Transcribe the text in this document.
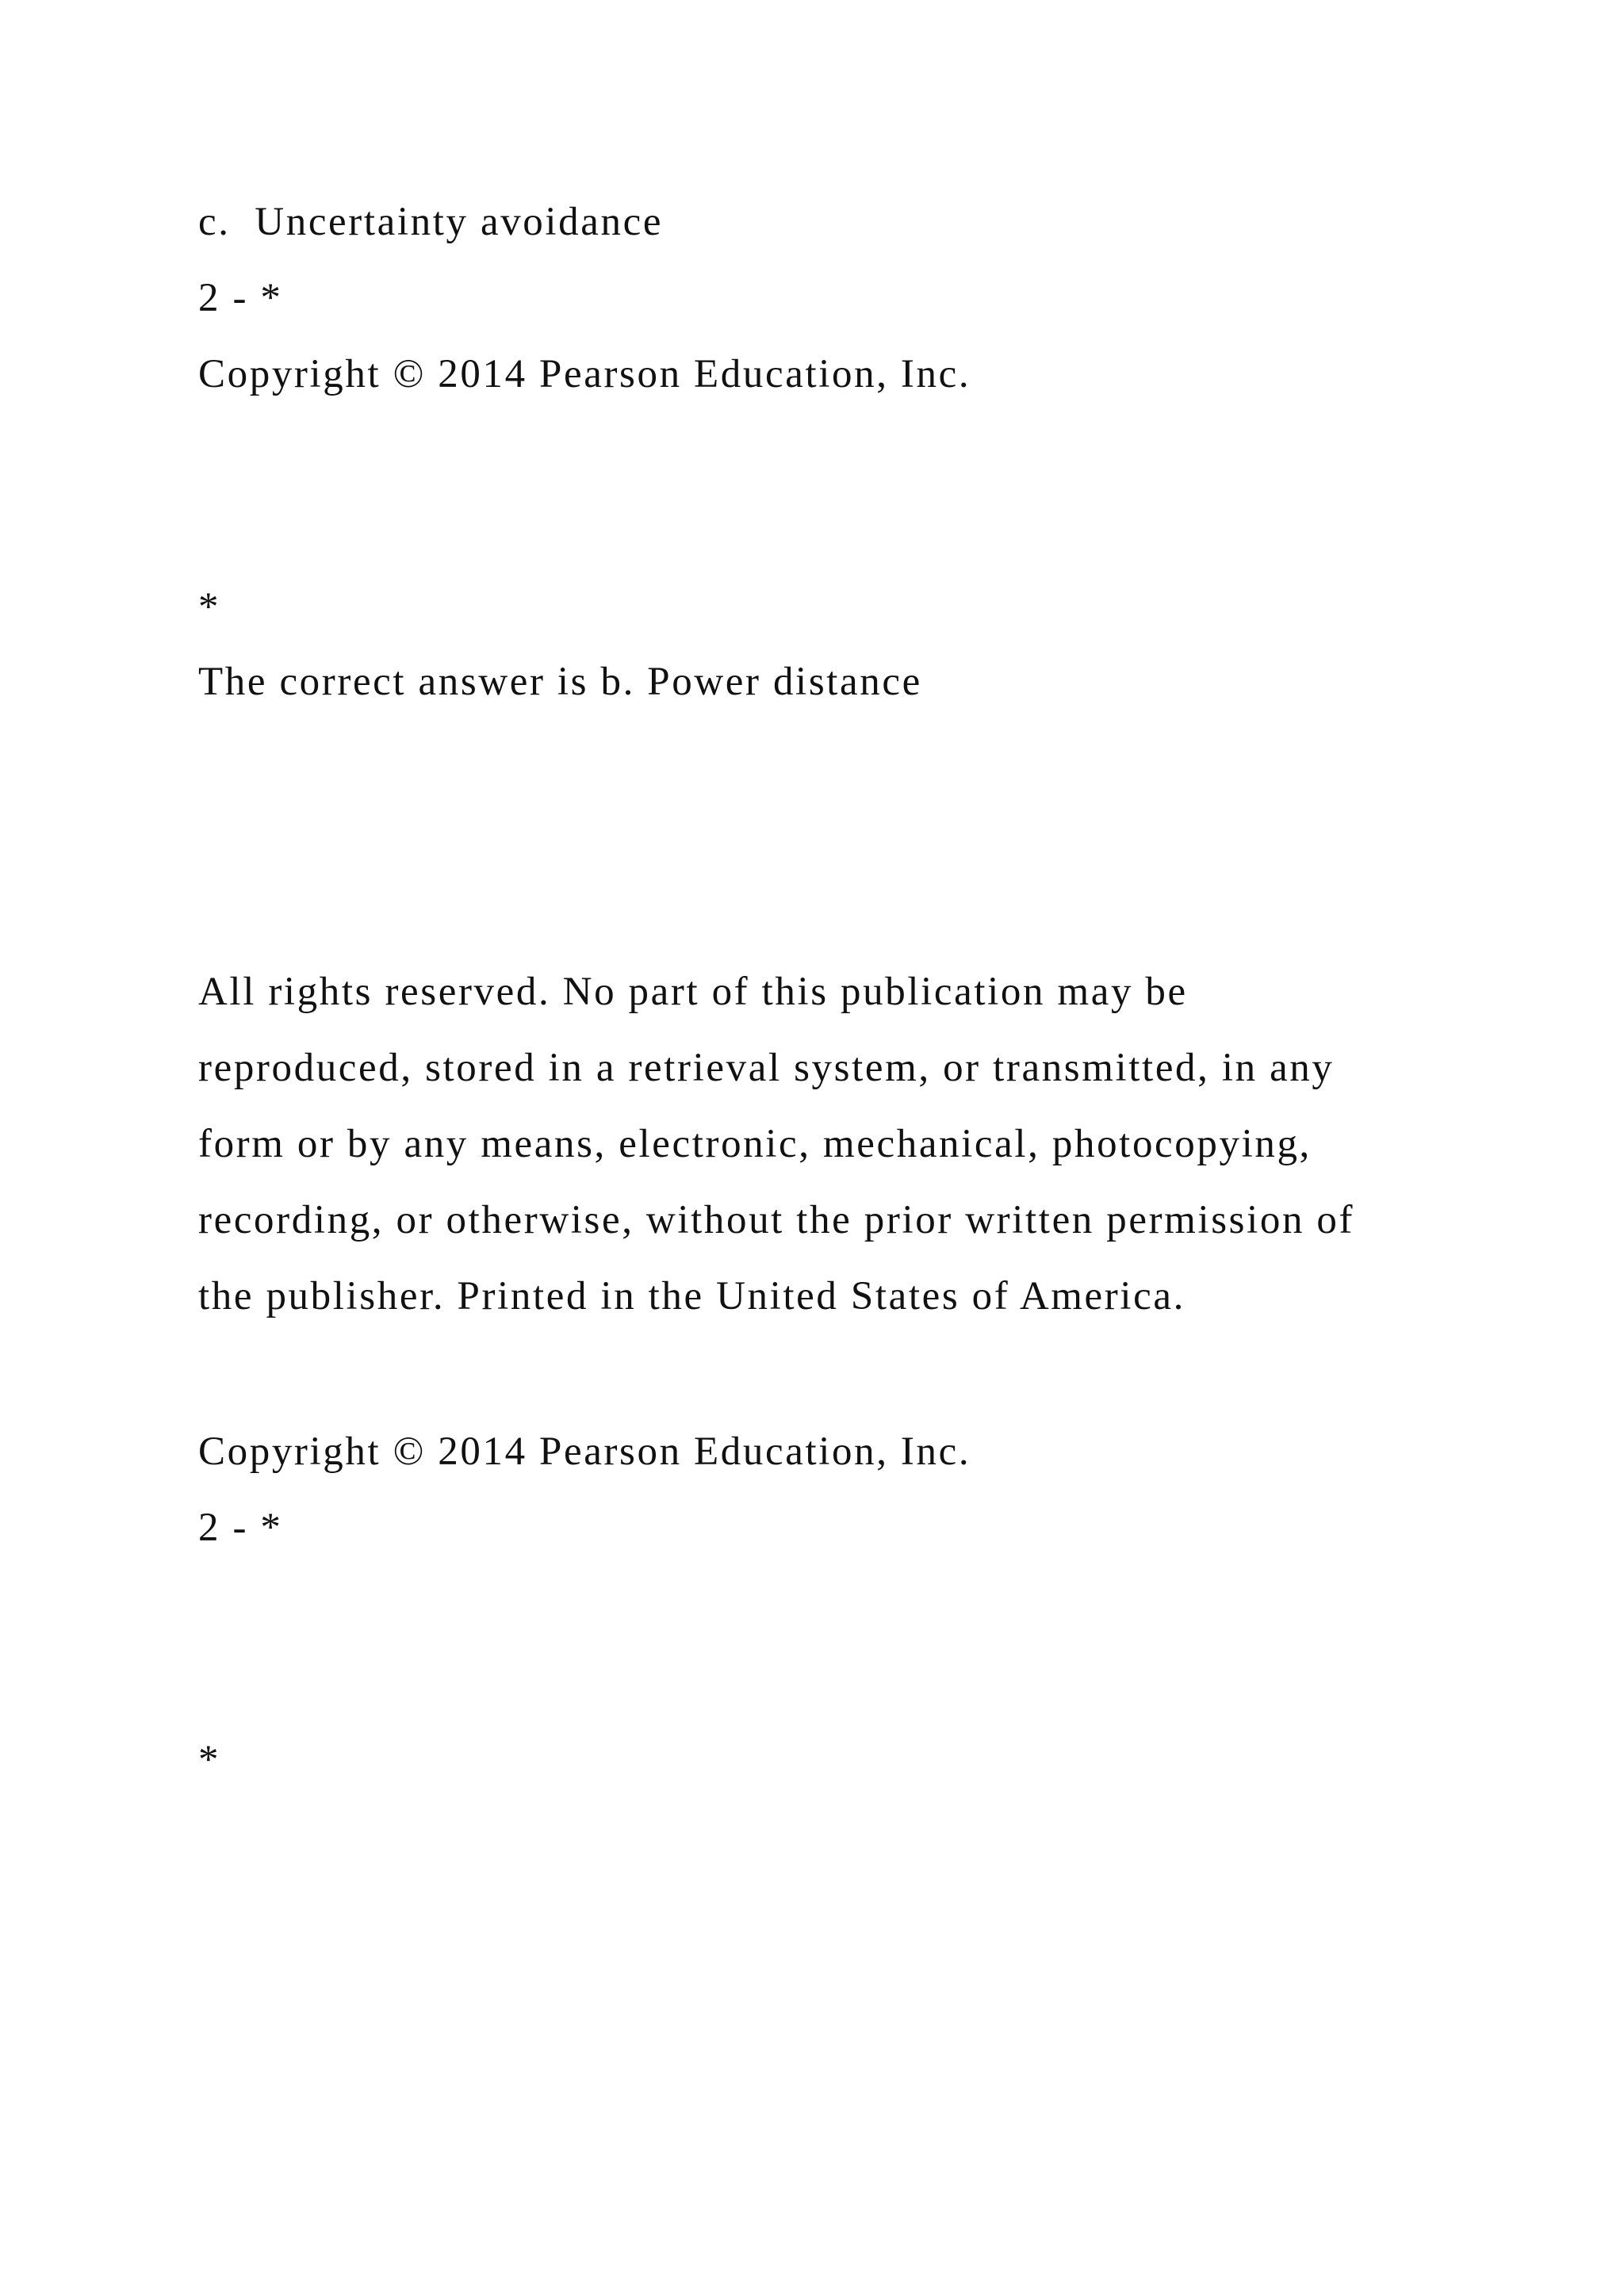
c.  Uncertainty avoidance
2 - *
Copyright © 2014 Pearson Education, Inc.
*
The correct answer is b. Power distance
All rights reserved. No part of this publication may be
reproduced, stored in a retrieval system, or transmitted, in any
form or by any means, electronic, mechanical, photocopying,
recording, or otherwise, without the prior written permission of
the publisher. Printed in the United States of America.
Copyright © 2014 Pearson Education, Inc.
2 - *
*
